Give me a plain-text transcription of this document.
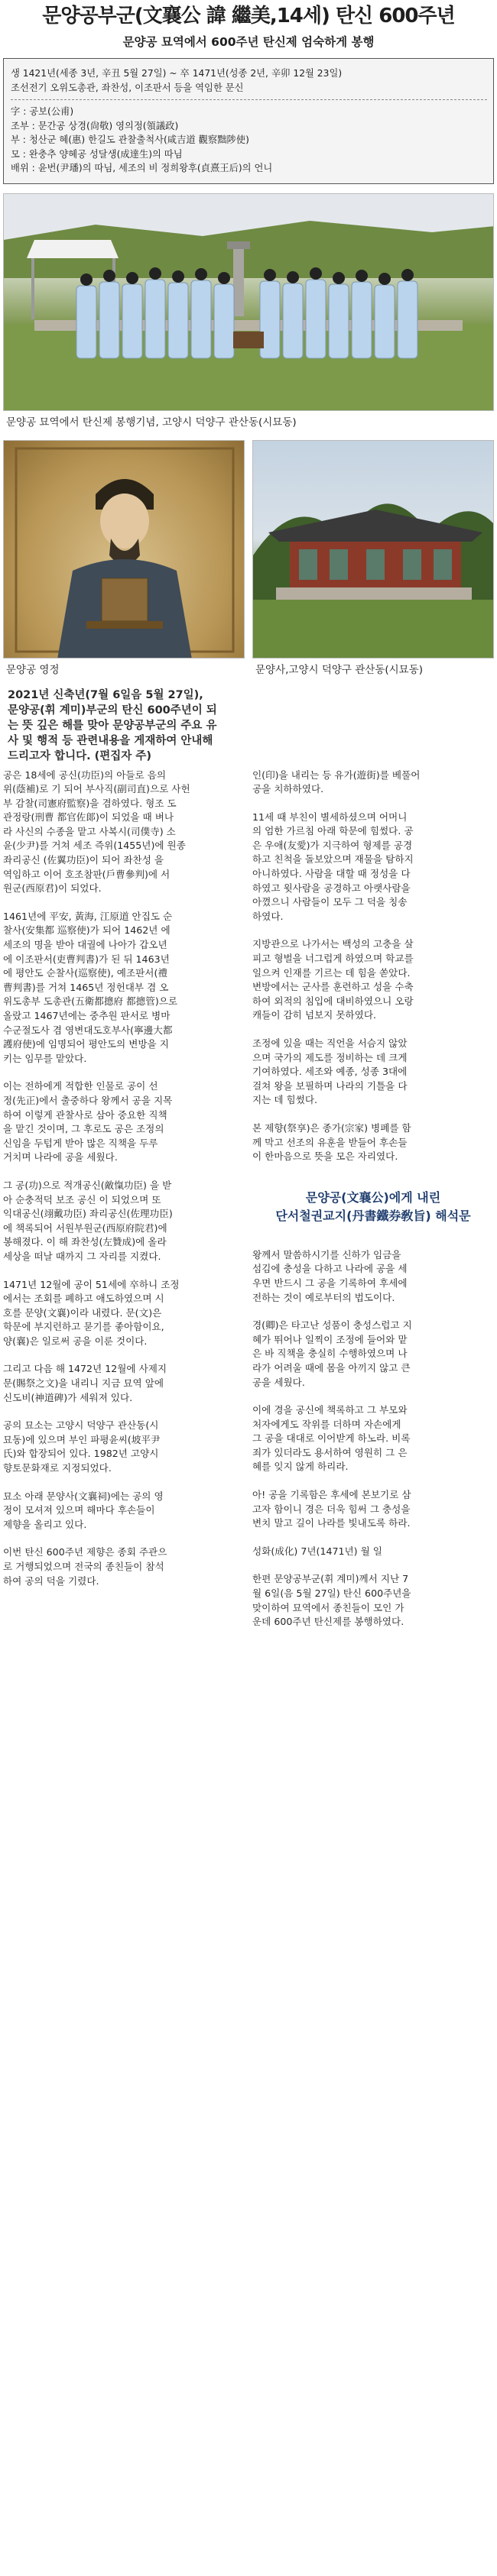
문양공부군(文襄公 諱 繼美,14세) 탄신 600주년
문양공 묘역에서 600주년 탄신제 엄숙하게 봉행

생 1421년(세종 3년, 辛丑 5월 27일) ~ 卒 1471년(성종 2년, 辛卯 12월 23일)

조선전기 오위도총관, 좌찬성, 이조판서 등을 역임한 문신

字 : 공보(公甫)

조부 : 문간공 상경(尙敬) 영의정(領議政)

부 : 청산군 혜(惠) 한길도 관찰출척사(咸吉道 觀察黜陟使)

모 : 완충추 양혜공 성달생(成達生)의 따님

배위 : 윤번(尹璠)의 따님, 세조의 비 정희왕후(貞熹王后)의 언니

문양공 묘역에서 탄신제 봉행기념, 고양시 덕양구 관산동(시묘동)
문양공 영정	문양사,고양시 덕양구 관산동(시묘동)

2021년 신축년(7월 6일음 5월 27일),

문양공(휘 계미)부군의 탄신 600주년이 되

는 뜻 깊은 해를 맞아 문양공부군의 주요 유

사 및 행적 등 관련내용을 게재하여 안내해

드리고자 합니다. (편집자 주)

공은 18세에 공신(功臣)의 아들로 음의

위(蔭補)로 기 되어 부사직(副司直)으로 사헌

부 감찰(司憲府監察)을 겸하였다. 형조 도

관정랑(刑曹 都官佐郞)이 되었을 때 벼나

라 사신의 수종을 맡고 사복시(司僕寺) 소

윤(少尹)를 거쳐 세조 즉위(1455년)에 원종

좌리공신 (佐翼功臣)이 되어 좌찬성 을

역임하고 이어 호조참판(戶曹參判)에 서

원군(西原君)이 되었다.

1461년에 平安, 黃海, 江原道 안집도 순

찰사(安集都 巡察使)가 되어 1462년 에

세조의 명을 받아 대궐에 나아가 갑오년

에 이조판서(吏曹判書)가 된 뒤 1463년

에 평안도 순찰사(巡察使), 예조판서(禮

曹判書)를 거쳐 1465년 정헌대부 겸 오

위도총부 도총관(五衛都摠府 都摠管)으로

올랐고 1467년에는 중추원 판서로 병마

수군절도사 겸 영변대도호부사(寧邊大都

護府使)에 임명되어 평안도의 변방을 지

키는 임무를 맡았다.

이는 전하에게 적합한 인물로 공이 선

정(先正)에서 출중하다 왕께서 공을 지목

하여 이렇게 관찰사로 삼아 중요한 직책

을 맡긴 것이며, 그 후로도 공은 조정의

신임을 두텁게 받아 많은 직책을 두루

거치며 나라에 공을 세웠다.

그 공(功)으로 적개공신(敵愾功臣) 을 받

아 순충적덕 보조 공신 이 되었으며 또

익대공신(翊戴功臣) 좌리공신(佐理功臣)

에 책록되어 서원부원군(西原府院君)에

봉해졌다. 이 해 좌찬성(左贊成)에 올라

세상을 떠날 때까지 그 자리를 지켰다.

1471년 12월에 공이 51세에 卒하니 조정

에서는 조회를 폐하고 애도하였으며 시

호를 문양(文襄)이라 내렸다. 문(文)은

학문에 부지런하고 묻기를 좋아함이요,

양(襄)은 일로써 공을 이룬 것이다.

그리고 다음 해 1472년 12월에 사제지

문(賜祭之文)을 내리니 지금 묘역 앞에

신도비(神道碑)가 세워져 있다.

공의 묘소는 고양시 덕양구 관산동(시

묘동)에 있으며 부인 파평윤씨(坡平尹

氏)와 합장되어 있다. 1982년 고양시

향토문화재로 지정되었다.

묘소 아래 문양사(文襄祠)에는 공의 영

정이 모셔져 있으며 해마다 후손들이

제향을 올리고 있다.

이번 탄신 600주년 제향은 종회 주관으

로 거행되었으며 전국의 종친들이 참석

하여 공의 덕을 기렸다.

인(印)을 내리는 등 유가(遊街)를 베풀어

공을 치하하였다.

11세 때 부친이 별세하셨으며 어머니

의 엄한 가르침 아래 학문에 힘썼다. 공

은 우애(友愛)가 지극하여 형제를 공경

하고 친척을 돌보았으며 재물을 탐하지

아니하였다. 사람을 대할 때 정성을 다

하였고 윗사람을 공경하고 아랫사람을

아꼈으니 사람들이 모두 그 덕을 칭송

하였다.

지방관으로 나가서는 백성의 고충을 살

피고 형벌을 너그럽게 하였으며 학교를

일으켜 인재를 기르는 데 힘을 쏟았다.

변방에서는 군사를 훈련하고 성을 수축

하여 외적의 침입에 대비하였으니 오랑

캐들이 감히 넘보지 못하였다.

조정에 있을 때는 직언을 서슴지 않았

으며 국가의 제도를 정비하는 데 크게

기여하였다. 세조와 예종, 성종 3대에

걸쳐 왕을 보필하며 나라의 기틀을 다

지는 데 힘썼다.

본 제향(祭享)은 종가(宗家) 병폐를 함

께 막고 선조의 유훈을 받들어 후손들

이 한마음으로 뜻을 모은 자리였다.

문양공(文襄公)에게 내린

단서철권교지(丹書鐵券敎旨) 해석문

왕께서 말씀하시기를 신하가 임금을

섬김에 충성을 다하고 나라에 공을 세

우면 반드시 그 공을 기록하여 후세에

전하는 것이 예로부터의 법도이다.

경(卿)은 타고난 성품이 충성스럽고 지

혜가 뛰어나 일찍이 조정에 들어와 맡

은 바 직책을 충실히 수행하였으며 나

라가 어려울 때에 몸을 아끼지 않고 큰

공을 세웠다.

이에 경을 공신에 책록하고 그 부모와

처자에게도 작위를 더하며 자손에게

그 공을 대대로 이어받게 하노라. 비록

죄가 있더라도 용서하여 영원히 그 은

혜를 잊지 않게 하리라.

아! 공을 기록함은 후세에 본보기로 삼

고자 함이니 경은 더욱 힘써 그 충성을

변치 말고 길이 나라를 빛내도록 하라.

성화(成化) 7년(1471년) 월 일

한편 문양공부군(휘 계미)께서 지난 7

월 6일(음 5월 27일) 탄신 600주년을

맞이하여 묘역에서 종친들이 모인 가

운데 600주년 탄신제를 봉행하였다.
